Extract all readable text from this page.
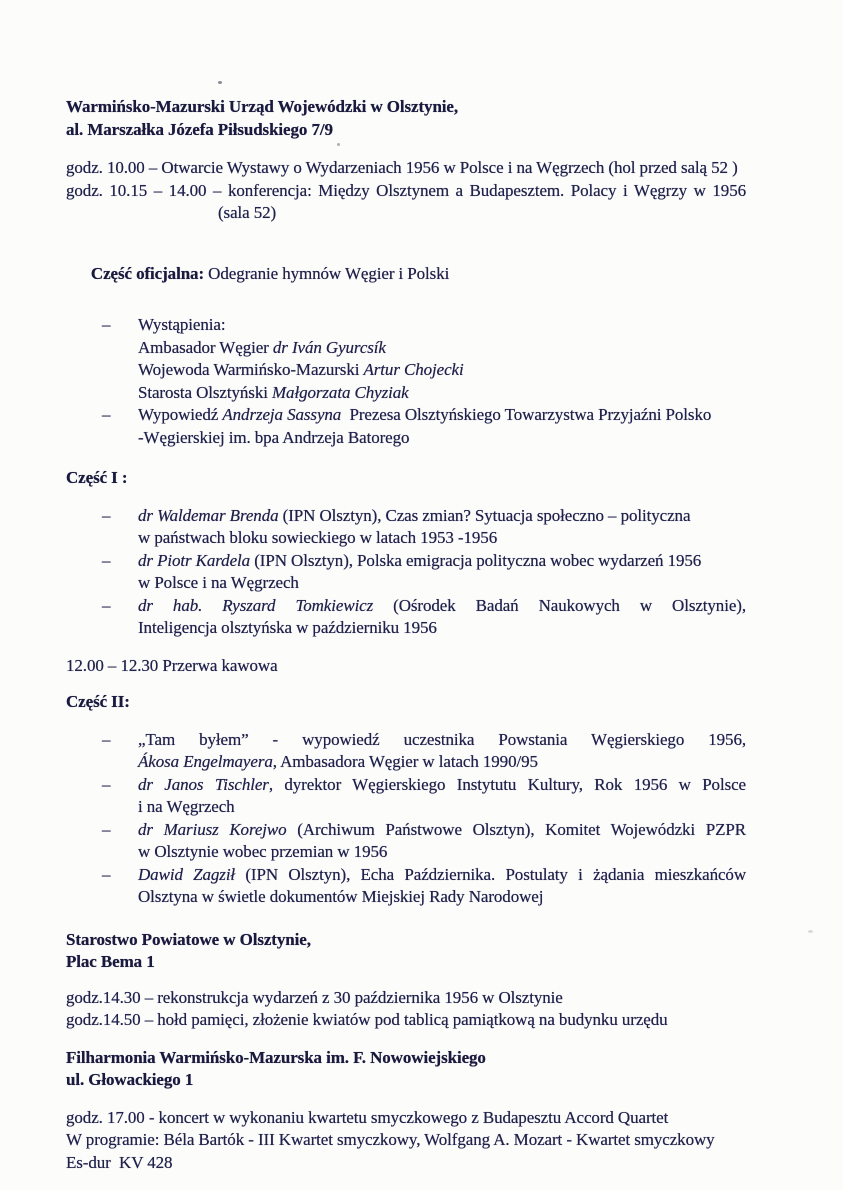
Warmińsko-Mazurski Urząd Wojewódzki w Olsztynie,
al. Marszałka Józefa Piłsudskiego 7/9
godz. 10.00 – Otwarcie Wystawy o Wydarzeniach 1956 w Polsce i na Węgrzech (hol przed salą 52 )
godz. 10.15 – 14.00 – konferencja: Między Olsztynem a Budapesztem. Polacy i Węgrzy w 1956
(sala 52)

Część oficjalna: Odegranie hymnów Węgier i Polski

–	Wystąpienia:
Ambasador Węgier dr Iván Gyurcsík
Wojewoda Warmińsko-Mazurski Artur Chojecki
Starosta Olsztyński Małgorzata Chyziak
–	Wypowiedź Andrzeja Sassyna  Prezesa Olsztyńskiego Towarzystwa Przyjaźni Polsko
-Węgierskiej im. bpa Andrzeja Batorego
Część I :
–	dr Waldemar Brenda (IPN Olsztyn), Czas zmian? Sytuacja społeczno – polityczna
w państwach bloku sowieckiego w latach 1953 -1956
–	dr Piotr Kardela (IPN Olsztyn), Polska emigracja polityczna wobec wydarzeń 1956
w Polsce i na Węgrzech
–	dr hab. Ryszard Tomkiewicz (Ośrodek Badań Naukowych w Olsztynie),
Inteligencja olsztyńska w październiku 1956
12.00 – 12.30 Przerwa kawowa
Część II:
–	„Tam byłem” - wypowiedź uczestnika Powstania Węgierskiego 1956,
Ákosa Engelmayera, Ambasadora Węgier w latach 1990/95
–	dr Janos Tischler, dyrektor Węgierskiego Instytutu Kultury, Rok 1956 w Polsce
i na Węgrzech
–	dr Mariusz Korejwo (Archiwum Państwowe Olsztyn), Komitet Wojewódzki PZPR
w Olsztynie wobec przemian w 1956
–	Dawid Zagził (IPN Olsztyn), Echa Października. Postulaty i żądania mieszkańców
Olsztyna w świetle dokumentów Miejskiej Rady Narodowej
Starostwo Powiatowe w Olsztynie,
Plac Bema 1
godz.14.30 – rekonstrukcja wydarzeń z 30 października 1956 w Olsztynie
godz.14.50 – hołd pamięci, złożenie kwiatów pod tablicą pamiątkową na budynku urzędu
Filharmonia Warmińsko-Mazurska im. F. Nowowiejskiego
ul. Głowackiego 1
godz. 17.00 - koncert w wykonaniu kwartetu smyczkowego z Budapesztu Accord Quartet
W programie: Béla Bartók - III Kwartet smyczkowy, Wolfgang A. Mozart - Kwartet smyczkowy
Es-dur  KV 428
